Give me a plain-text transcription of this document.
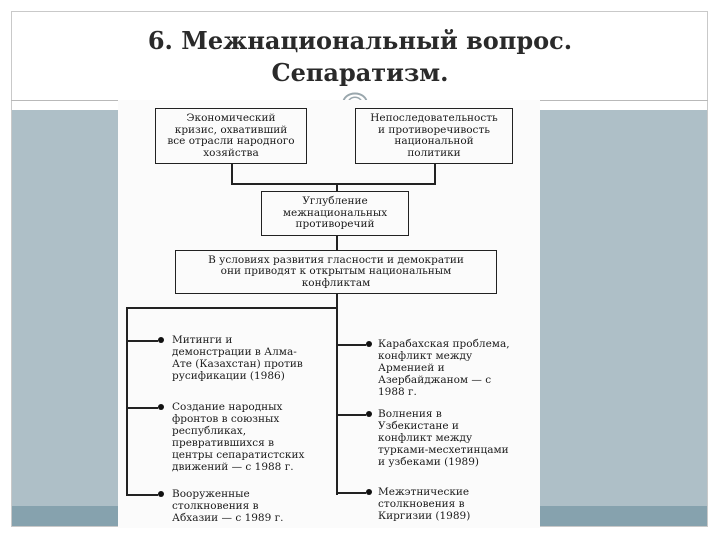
6. Межнациональный вопрос.
Сепаратизм.
Экономический
кризис, охвативший
все отрасли народного
хозяйства
Непоследовательность
и противоречивость
национальной
политики
Углубление
межнациональных
противоречий
В условиях развития гласности и демократии
они приводят к открытым национальным
конфликтам
Митинги и
демонстрации в Алма-
Ате (Казахстан) против
русификации (1986)
Создание народных
фронтов в союзных
республиках,
превратившихся в
центры сепаратистских
движений — с 1988 г.
Вооруженные
столкновения в
Абхазии — с 1989 г.
Карабахская проблема,
конфликт между
Арменией и
Азербайджаном — с
1988 г.
Волнения в
Узбекистане и
конфликт между
турками-месхетинцами
и узбеками (1989)
Межэтнические
столкновения в
Киргизии (1989)
